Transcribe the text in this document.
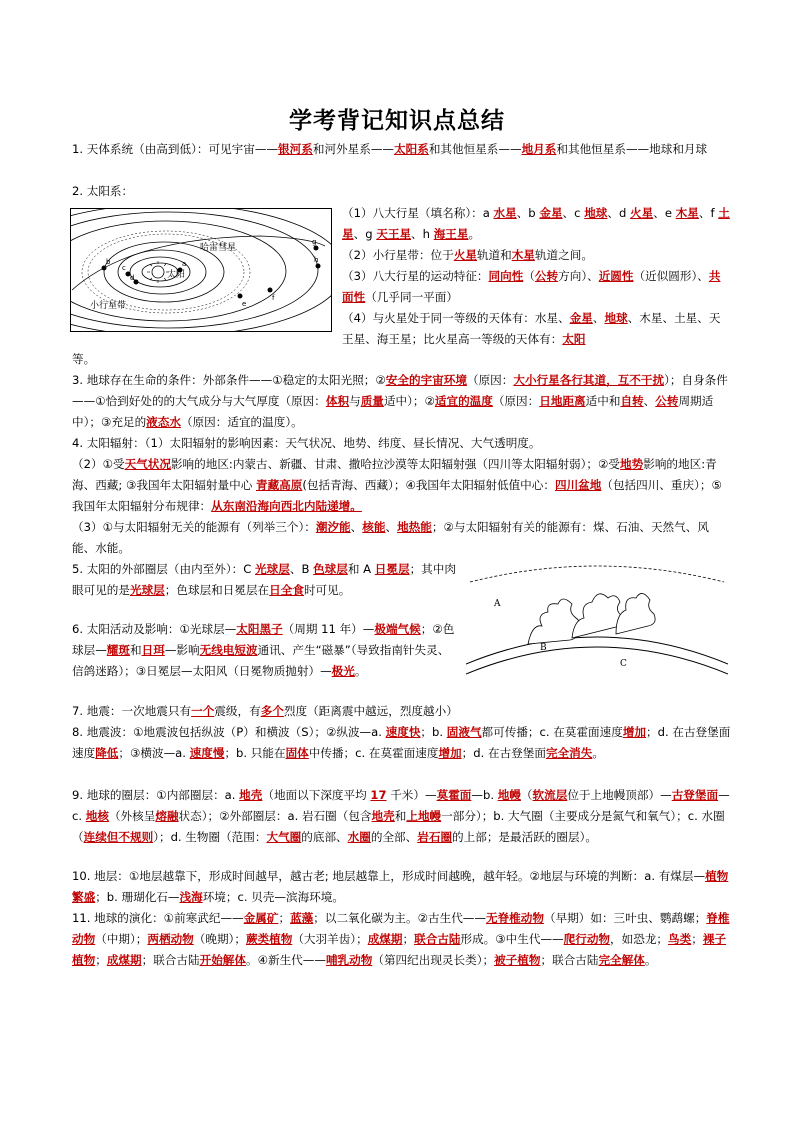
学考背记知识点总结
1. 天体系统（由高到低）：可见宇宙——银河系和河外星系——太阳系和其他恒星系——地月系和其他恒星系——地球和月球
2. 太阳系：
太阳
哈雷彗星
小行星带
a
b
c
d
e
f
g
h
（1）八大行星（填名称）：a 水星、b 金星、c 地球、d 火星、e 木星、f 土星、g 天王星、h 海王星。
（2）小行星带：位于火星轨道和木星轨道之间。
（3）八大行星的运动特征：同向性（公转方向）、近圆性（近似圆形）、共面性（几乎同一平面）
（4）与火星处于同一等级的天体有：水星、金星、地球、木星、土星、天王星、海王星；比火星高一等级的天体有：太阳
等。
3. 地球存在生命的条件：外部条件——①稳定的太阳光照；②安全的宇宙环境（原因：大小行星各行其道，互不干扰）；自身条件——①恰到好处的的大气成分与大气厚度（原因：体积与质量适中）；②适宜的温度（原因：日地距离适中和自转、公转周期适中）；③充足的液态水（原因：适宜的温度）。
4. 太阳辐射：（1）太阳辐射的影响因素：天气状况、地势、纬度、昼长情况、大气透明度。
（2）①受天气状况影响的地区:内蒙古、新疆、甘肃、撒哈拉沙漠等太阳辐射强（四川等太阳辐射弱）；②受地势影响的地区:青海、西藏; ③我国年太阳辐射量中心 青藏高原(包括青海、西藏）；④我国年太阳辐射低值中心：四川盆地（包括四川、重庆）；⑤我国年太阳辐射分布规律：从东南沿海向西北内陆递增。
（3）①与太阳辐射无关的能源有（列举三个）：潮汐能、核能、地热能；②与太阳辐射有关的能源有：煤、石油、天然气、风能、水能。
5. 太阳的外部圈层（由内至外）：C 光球层、B 色球层和 A 日冕层；其中肉眼可见的是光球层；色球层和日冕层在日全食时可见。
A
B
C
6. 太阳活动及影响：①光球层—太阳黑子（周期 11 年）—极端气候；②色球层—耀斑和日珥—影响无线电短波通讯、产生“磁暴”（导致指南针失灵、信鸽迷路）；③日冕层—太阳风（日冕物质抛射）—极光。
7. 地震：一次地震只有一个震级，有多个烈度（距离震中越远，烈度越小）
8. 地震波：①地震波包括纵波（P）和横波（S）；②纵波—a. 速度快；b. 固液气都可传播；c. 在莫霍面速度增加；d. 在古登堡面速度降低；③横波—a. 速度慢；b. 只能在固体中传播；c. 在莫霍面速度增加；d. 在古登堡面完全消失。
9. 地球的圈层：①内部圈层：a. 地壳（地面以下深度平均 17 千米）—莫霍面—b. 地幔（软流层位于上地幔顶部）—古登堡面—c. 地核（外核呈熔融状态）；②外部圈层：a. 岩石圈（包含地壳和上地幔一部分）；b. 大气圈（主要成分是氮气和氧气）；c. 水圈（连续但不规则）；d. 生物圈（范围：大气圈的底部、水圈的全部、岩石圈的上部；是最活跃的圈层）。
10. 地层：①地层越靠下，形成时间越早，越古老; 地层越靠上，形成时间越晚，越年轻。②地层与环境的判断：a. 有煤层—植物繁盛；b. 珊瑚化石—浅海环境；c. 贝壳—滨海环境。
11. 地球的演化：①前寒武纪——金属矿；蓝藻；以二氧化碳为主。②古生代——无脊椎动物（早期）如：三叶虫、鹦鹉螺；脊椎动物（中期）；两栖动物（晚期）；蕨类植物（大羽羊齿）；成煤期；联合古陆形成。③中生代——爬行动物，如恐龙；鸟类；裸子植物；成煤期；联合古陆开始解体。④新生代——哺乳动物（第四纪出现灵长类）；被子植物；联合古陆完全解体。
